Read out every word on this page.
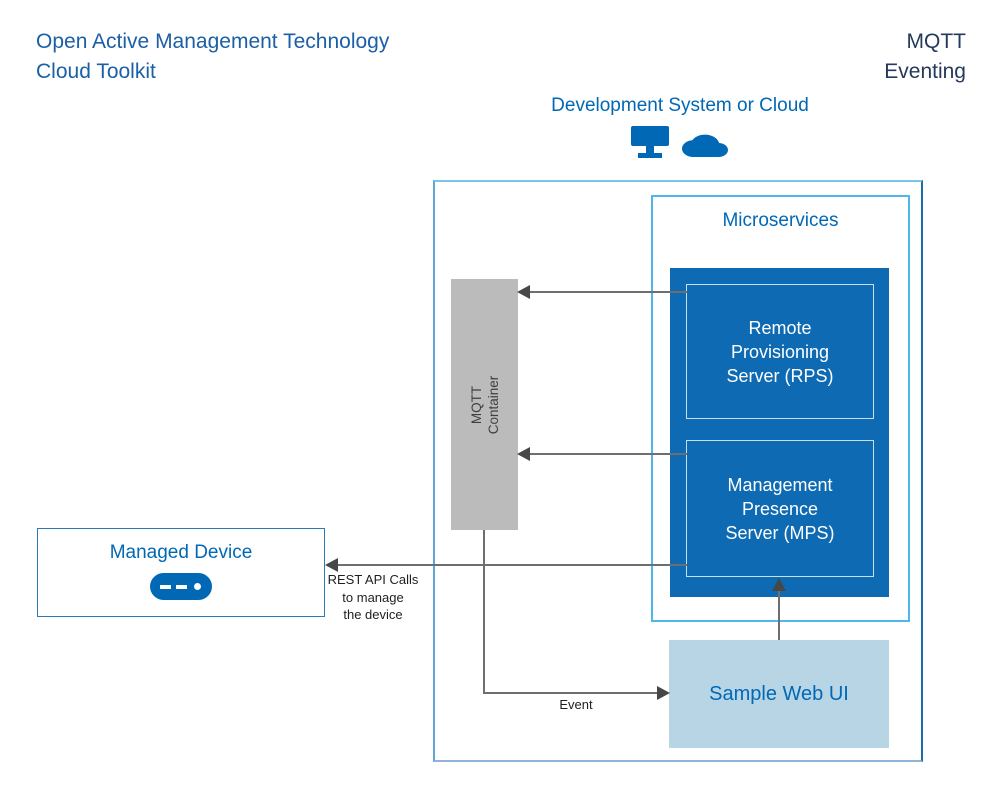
Open Active Management Technology
Cloud Toolkit
MQTT
Eventing
Development System or Cloud
Microservices
Remote
Provisioning
Server (RPS)
Management
Presence
Server (MPS)
MQTT Container
Managed Device
Sample Web UI
REST API Calls
to manage
the device
Event
